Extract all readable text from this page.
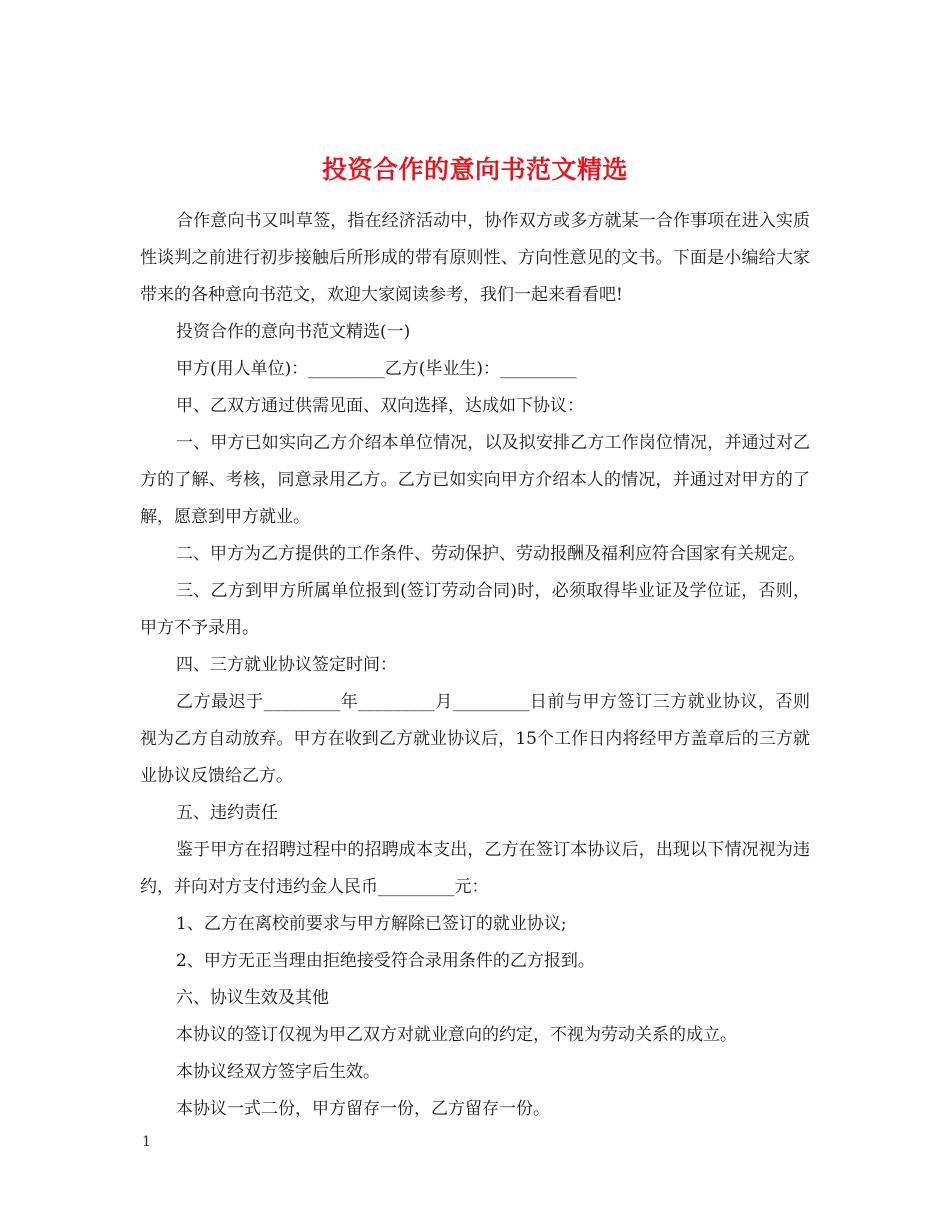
投资合作的意向书范文精选

合作意向书又叫草签，指在经济活动中，协作双方或多方就某一合作事项在进入实质性谈判之前进行初步接触后所形成的带有原则性、方向性意见的文书。下面是小编给大家带来的各种意向书范文，欢迎大家阅读参考，我们一起来看看吧!

投资合作的意向书范文精选(一)

甲方(用人单位)：_________乙方(毕业生)：_________

甲、乙双方通过供需见面、双向选择，达成如下协议：

一、甲方已如实向乙方介绍本单位情况，以及拟安排乙方工作岗位情况，并通过对乙方的了解、考核，同意录用乙方。乙方已如实向甲方介绍本人的情况，并通过对甲方的了解，愿意到甲方就业。

二、甲方为乙方提供的工作条件、劳动保护、劳动报酬及福利应符合国家有关规定。

三、乙方到甲方所属单位报到(签订劳动合同)时，必须取得毕业证及学位证，否则，甲方不予录用。

四、三方就业协议签定时间：

乙方最迟于_________年_________月_________日前与甲方签订三方就业协议，否则视为乙方自动放弃。甲方在收到乙方就业协议后，15个工作日内将经甲方盖章后的三方就业协议反馈给乙方。

五、违约责任

鉴于甲方在招聘过程中的招聘成本支出，乙方在签订本协议后，出现以下情况视为违约，并向对方支付违约金人民币_________元：

1、乙方在离校前要求与甲方解除已签订的就业协议;

2、甲方无正当理由拒绝接受符合录用条件的乙方报到。

六、协议生效及其他

本协议的签订仅视为甲乙双方对就业意向的约定，不视为劳动关系的成立。

本协议经双方签字后生效。

本协议一式二份，甲方留存一份，乙方留存一份。

1
